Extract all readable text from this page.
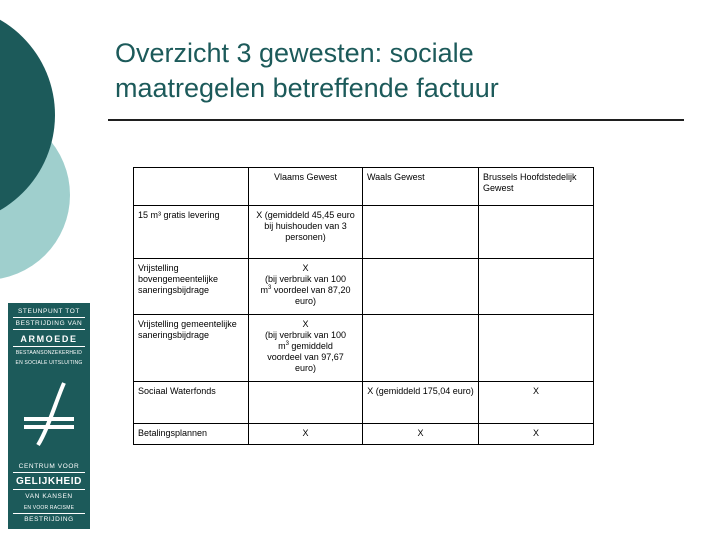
Overzicht 3 gewesten: sociale
maatregelen betreffende factuur
STEUNPUNT TOT
BESTRIJDING VAN
ARMOEDE
BESTAANSONZEKERHEID
EN SOCIALE UITSLUITING
CENTRUM VOOR
GELIJKHEID
VAN KANSEN
EN VOOR RACISME
BESTRIJDING
	Vlaams Gewest	Waals Gewest	Brussels Hoofdstedelijk Gewest
15 m³ gratis levering	X (gemiddeld 45,45 euro bij huishouden van 3 personen)		
Vrijstelling bovengemeentelijke saneringsbijdrage	X
(bij verbruik van 100
$m^3$ voordeel van 87,20
euro)		
Vrijstelling gemeentelijke saneringsbijdrage	X
(bij verbruik van 100
$m^3$ gemiddeld
voordeel van 97,67
euro)		
Sociaal Waterfonds		X (gemiddeld 175,04 euro)	X
Betalingsplannen	X	X	X
